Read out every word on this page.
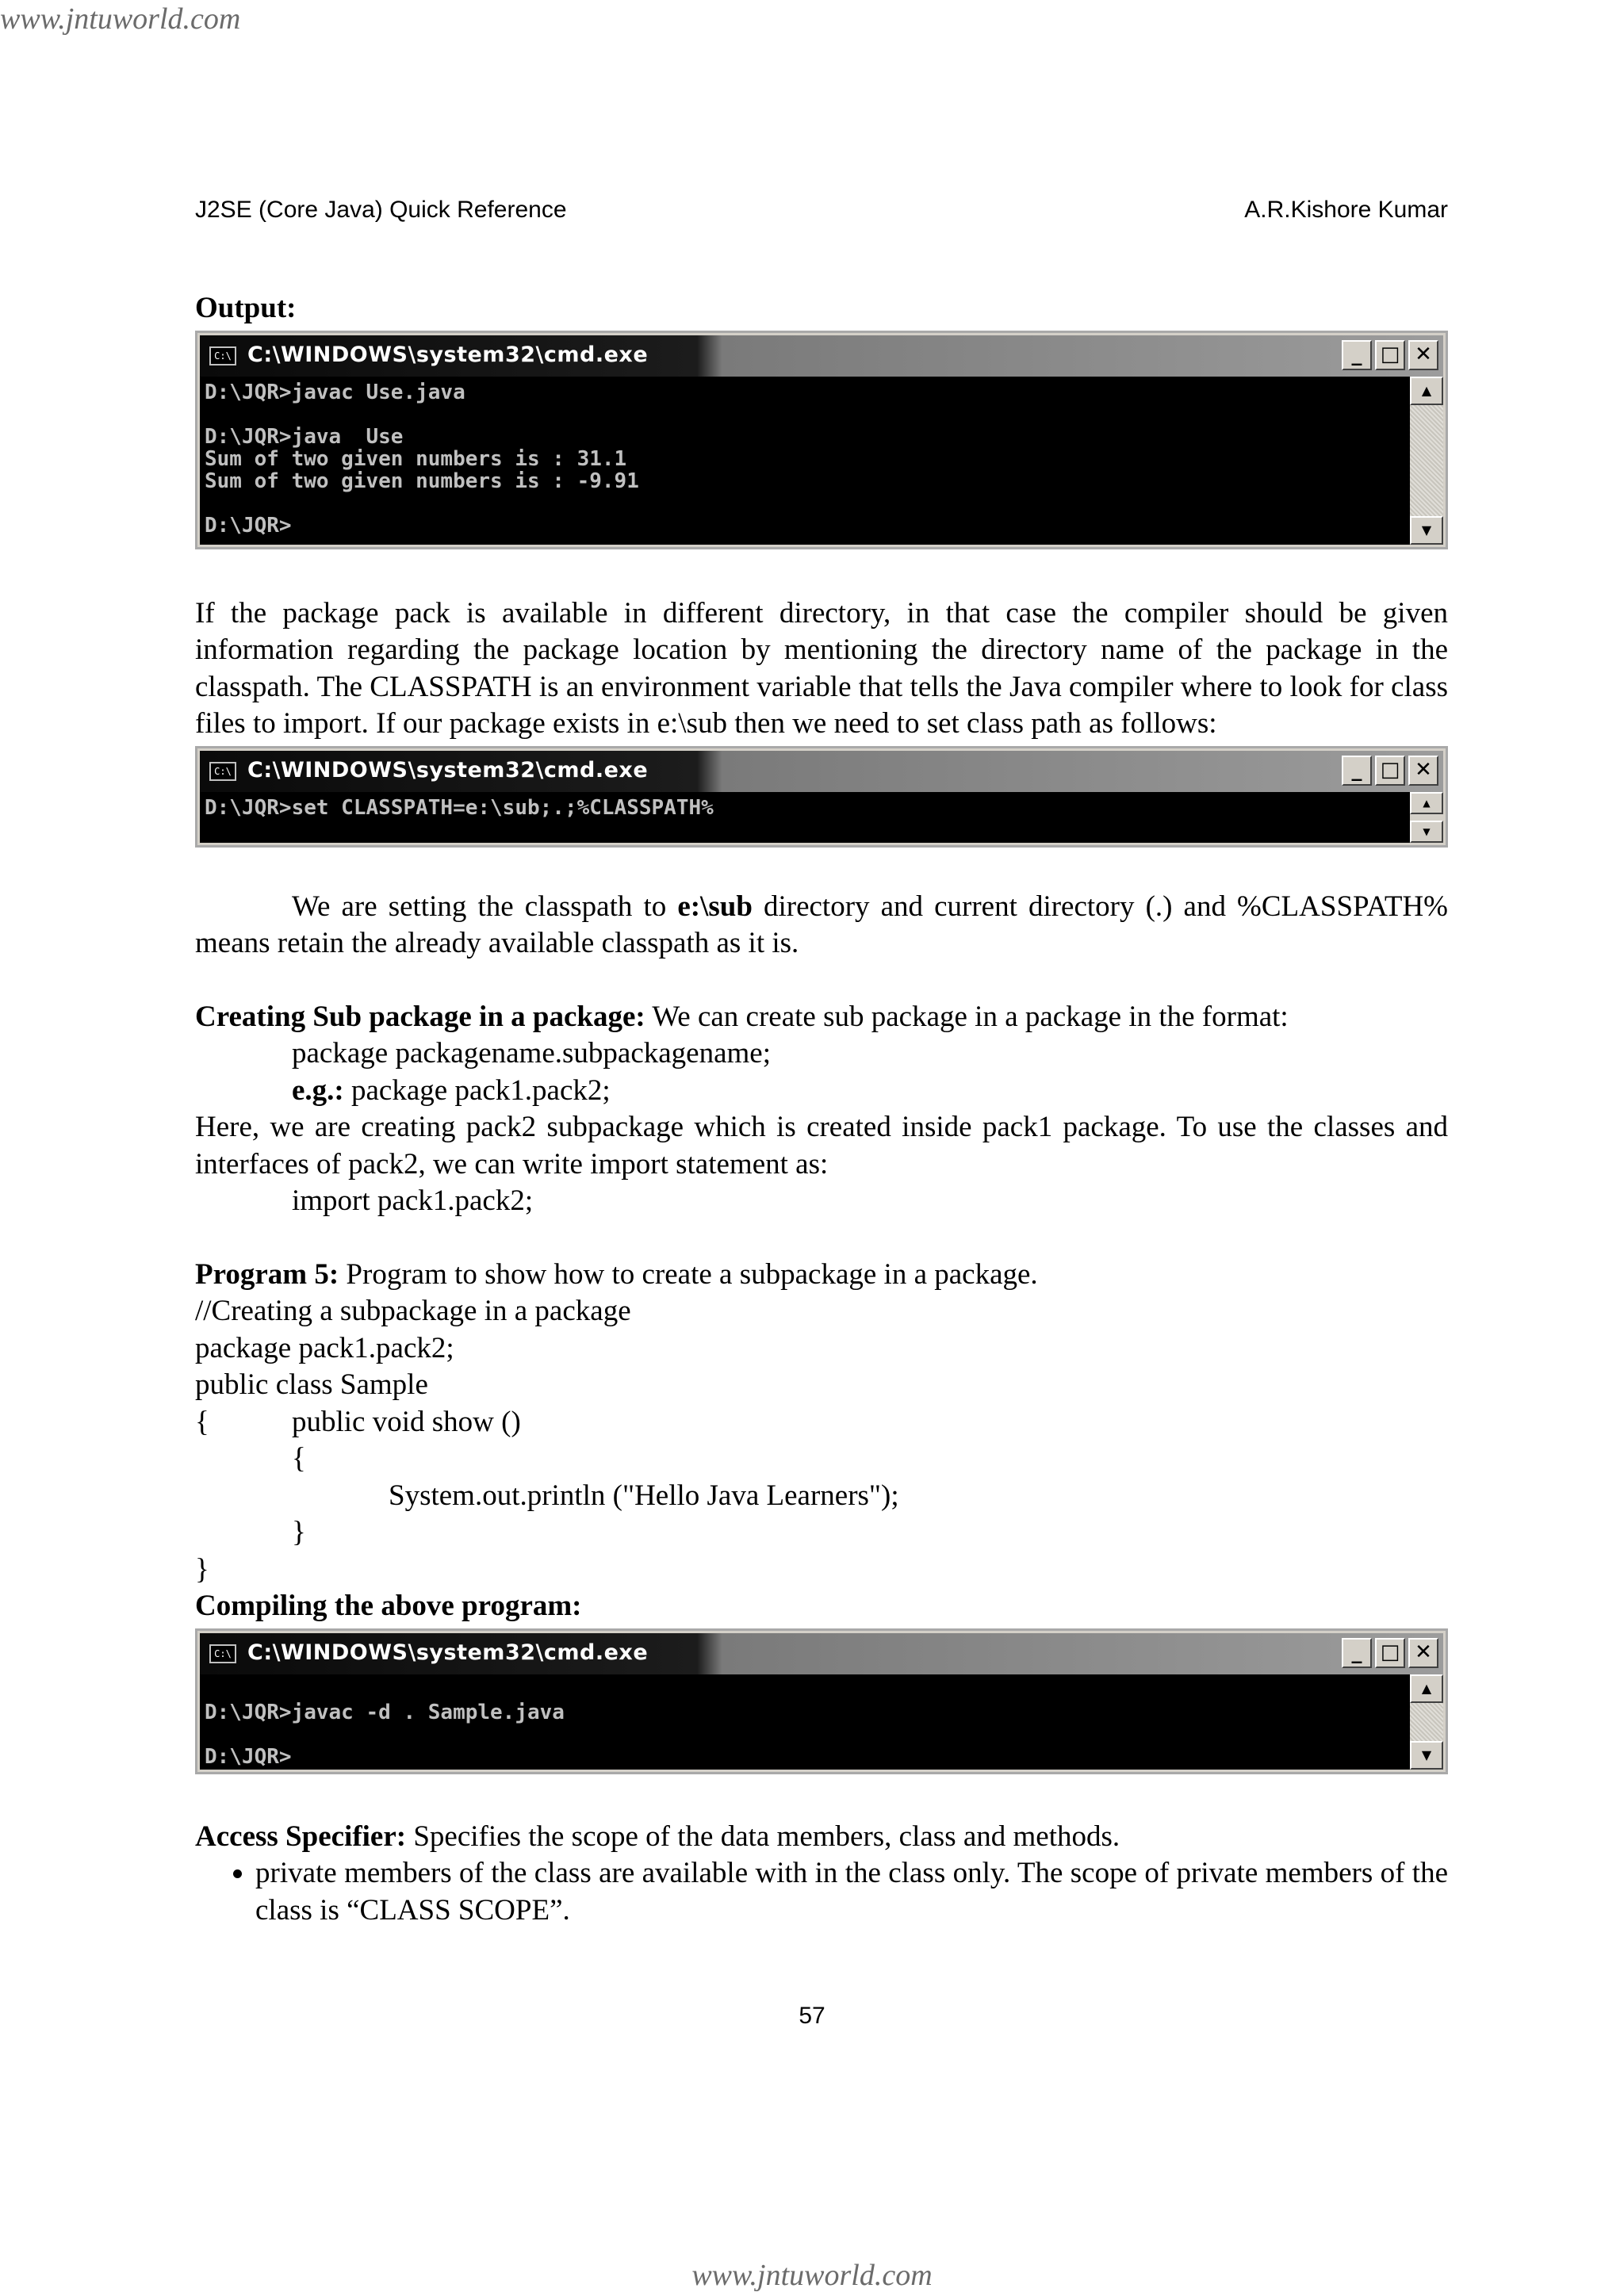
www.jntuworld.com
J2SE (Core Java) Quick Reference	A.R.Kishore Kumar

Output:

C:\ C:\WINDOWS\system32\cmd.exe	_ □ ✕
D:\JQR>javac Use.java

D:\JQR>java  Use
Sum of two given numbers is : 31.1
Sum of two given numbers is : -9.91

D:\JQR>
▲
▼

If the package pack is available in different directory, in that case the compiler should be given information regarding the package location by mentioning the directory name of the package in the classpath. The CLASSPATH is an environment variable that tells the Java compiler where to look for class files to import. If our package exists in e:\sub then we need to set class path as follows:

C:\ C:\WINDOWS\system32\cmd.exe	_ □ ✕
D:\JQR>set CLASSPATH=e:\sub;.;%CLASSPATH%	▲
▼

We are setting the classpath to e:\sub directory and current directory (.) and %CLASSPATH% means retain the already available classpath as it is.

Creating Sub package in a package: We can create sub package in a package in the format:

package packagename.subpackagename;

e.g.: package pack1.pack2;

Here, we are creating pack2 subpackage which is created inside pack1 package. To use the classes and interfaces of pack2, we can write import statement as:

import pack1.pack2;

Program 5: Program to show how to create a subpackage in a package.

//Creating a subpackage in a package

package pack1.pack2;

public class Sample

{	public void show ()

{

System.out.println ("Hello Java Learners");

}

}

Compiling the above program:

C:\ C:\WINDOWS\system32\cmd.exe	_ □ ✕

D:\JQR>javac -d . Sample.java

D:\JQR>
▲
▼

Access Specifier: Specifies the scope of the data members, class and methods.

• private members of the class are available with in the class only. The scope of private members of the class is “CLASS SCOPE”.
57
www.jntuworld.com
